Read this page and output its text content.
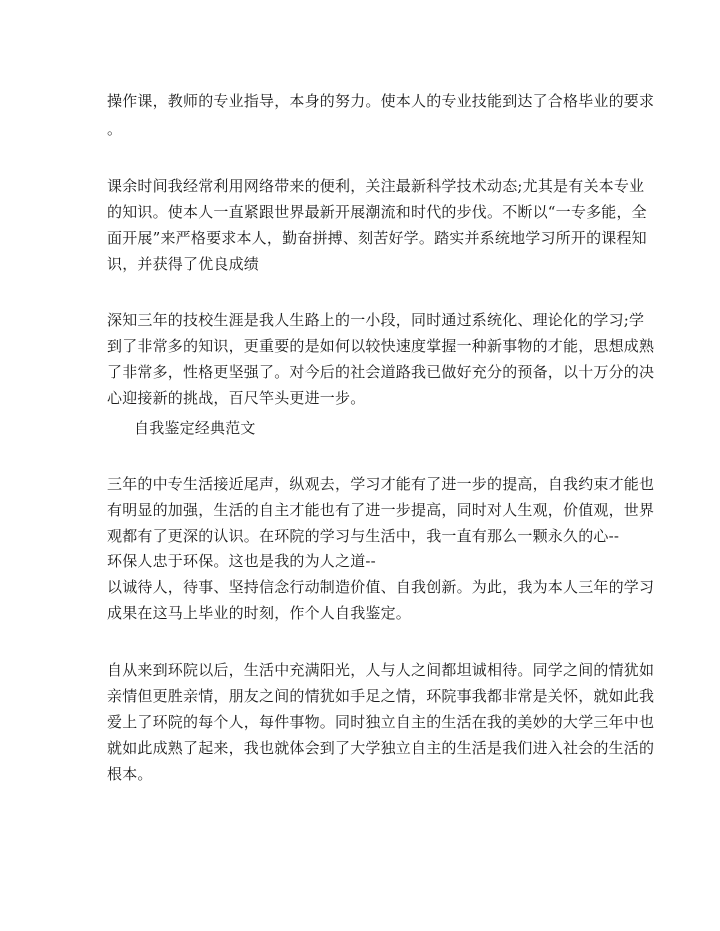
操作课，教师的专业指导，本身的努力。使本人的专业技能到达了合格毕业的要求
。
课余时间我经常利用网络带来的便利，关注最新科学技术动态;尤其是有关本专业
的知识。使本人一直紧跟世界最新开展潮流和时代的步伐。不断以“一专多能，全
面开展”来严格要求本人，勤奋拼搏、刻苦好学。踏实并系统地学习所开的课程知
识，并获得了优良成绩
深知三年的技校生涯是我人生路上的一小段，同时通过系统化、理论化的学习;学
到了非常多的知识，更重要的是如何以较快速度掌握一种新事物的才能，思想成熟
了非常多，性格更坚强了。对今后的社会道路我已做好充分的预备，以十万分的决
心迎接新的挑战，百尺竿头更进一步。
自我鉴定经典范文
三年的中专生活接近尾声，纵观去，学习才能有了进一步的提高，自我约束才能也
有明显的加强，生活的自主才能也有了进一步提高，同时对人生观，价值观，世界
观都有了更深的认识。在环院的学习与生活中，我一直有那么一颗永久的心--
环保人忠于环保。这也是我的为人之道--
以诚待人，待事、坚持信念行动制造价值、自我创新。为此，我为本人三年的学习
成果在这马上毕业的时刻，作个人自我鉴定。
自从来到环院以后，生活中充满阳光，人与人之间都坦诚相待。同学之间的情犹如
亲情但更胜亲情，朋友之间的情犹如手足之情，环院事我都非常是关怀，就如此我
爱上了环院的每个人，每件事物。同时独立自主的生活在我的美妙的大学三年中也
就如此成熟了起来，我也就体会到了大学独立自主的生活是我们进入社会的生活的
根本。
